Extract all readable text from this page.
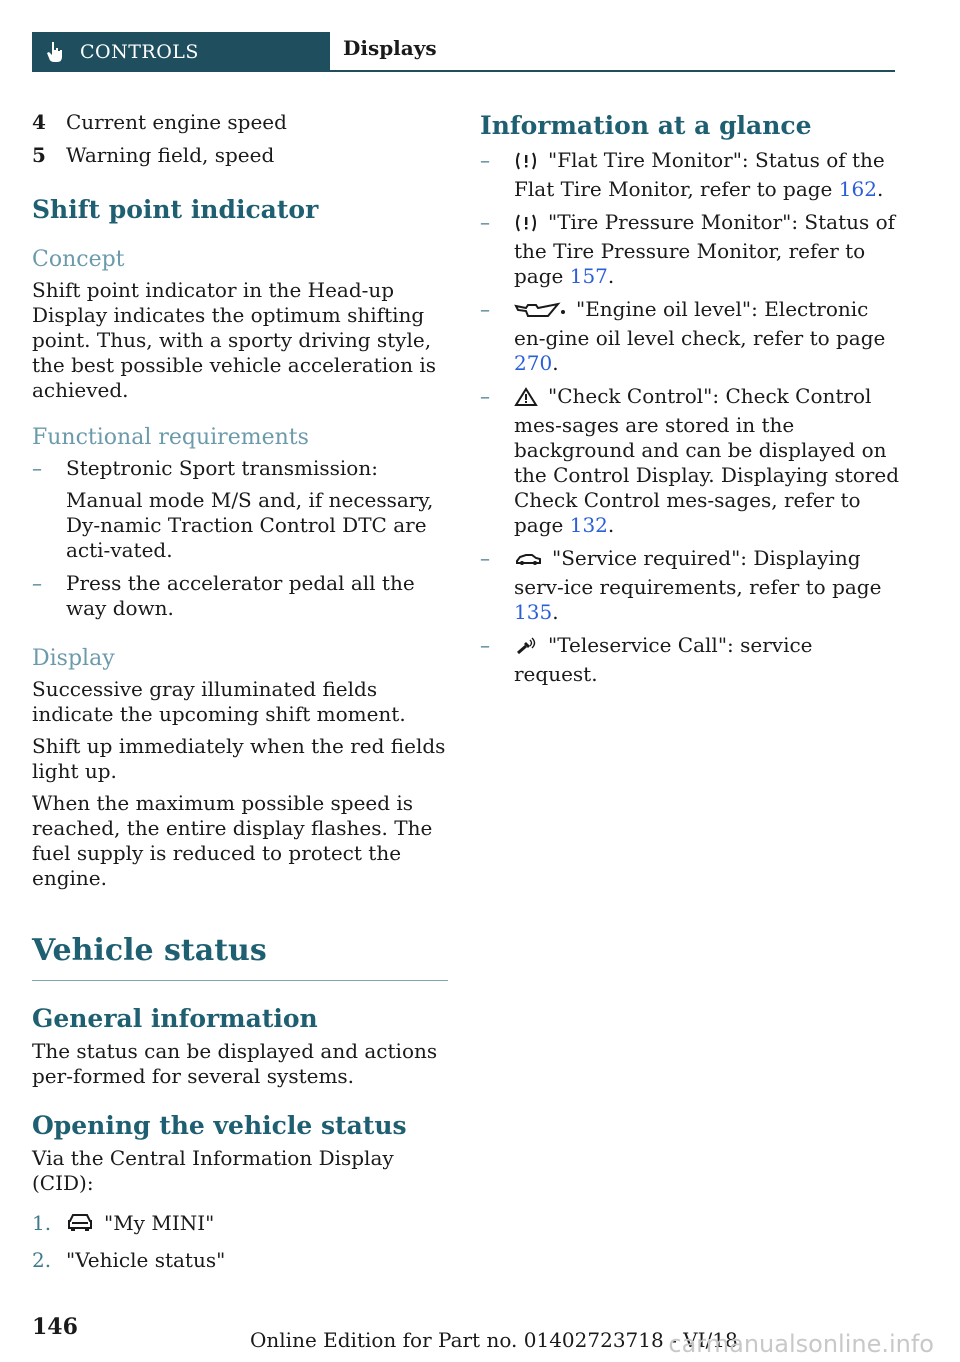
CONTROLS	Displays
4	Current engine speed
5	Warning field, speed
Shift point indicator
Concept

Shift point indicator in the Head-up Display indicates the optimum shifting point. Thus, with a sporty driving style, the best possible vehicle acceleration is achieved.

Functional requirements
–	Steptronic Sport transmission:
Manual mode M/S and, if necessary, Dy-namic Traction Control DTC are acti-vated.
–	Press the accelerator pedal all the way down.
Display

Successive gray illuminated fields indicate the upcoming shift moment.

Shift up immediately when the red fields light up.

When the maximum possible speed is reached, the entire display flashes. The fuel supply is reduced to protect the engine.

Vehicle status
General information

The status can be displayed and actions per-formed for several systems.

Opening the vehicle status

Via the Central Information Display (CID):

1.	"My MINI"
2. "Vehicle status"
Information at a glance
–	"Flat Tire Monitor": Status of the Flat Tire Monitor, refer to page 162.
–	"Tire Pressure Monitor": Status of the Tire Pressure Monitor, refer to page 157.
–	"Engine oil level": Electronic en-gine oil level check, refer to page 270.
–	"Check Control": Check Control mes-sages are stored in the background and can be displayed on the Control Display. Displaying stored Check Control mes-sages, refer to page 132.
–	"Service required": Displaying serv-ice requirements, refer to page 135.
–	"Teleservice Call": service request.
146	Online Edition for Part no. 01402723718 - VI/18
carmanualsonline.info
